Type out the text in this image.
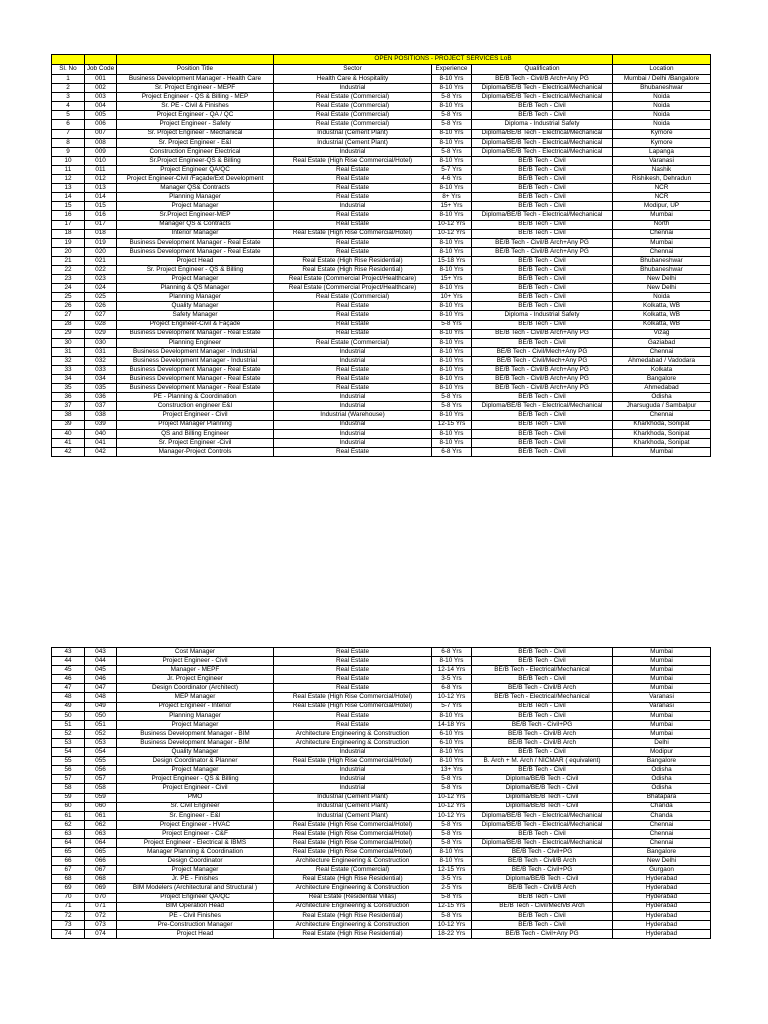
			OPEN POSITIONS - PROJECT SERVICES LoB			
Sl. No	Job Code	Position Title	Sector	Experience	Qualification	Location
1	001	Business Development Manager - Health Care	Health Care & Hospitality	8-10 Yrs	BE/B Tech - Civil/B Arch+Any PG	Mumbai / Delhi /Bangalore
2	002	Sr. Project Engineer - MEPF	Industrial	8-10 Yrs	Diploma/BE/B Tech - Electrical/Mechanical	Bhubaneshwar
3	003	Project Engineer - QS & Billing - MEP	Real Estate (Commercial)	5-8 Yrs	Diploma/BE/B Tech - Electrical/Mechanical	Noida
4	004	Sr. PE - Civil & Finishes	Real Estate (Commercial)	8-10 Yrs	BE/B Tech - Civil	Noida
5	005	Project Engineer - QA / QC	Real Estate (Commercial)	5-8 Yrs	BE/B Tech - Civil	Noida
6	006	Project Engineer - Safety	Real Estate (Commercial)	5-8 Yrs	Diploma - Industrial Safety	Noida
7	007	Sr. Project Engineer - Mechanical	Industrial (Cement Plant)	8-10 Yrs	Diploma/BE/B Tech - Electrical/Mechanical	Kymore
8	008	Sr. Project Engineer - E&I	Industrial (Cement Plant)	8-10 Yrs	Diploma/BE/B Tech - Electrical/Mechanical	Kymore
9	009	Construction Engineer Electrical	Industrial	5-8 Yrs	Diploma/BE/B Tech - Electrical/Mechanical	Lapanga
10	010	Sr.Project Engineer-QS & Billing	Real Estate (High Rise Commercial/Hotel)	8-10 Yrs	BE/B Tech - Civil	Varanasi
11	011	Project Engineer QA/QC	Real Estate	5-7 Yrs	BE/B Tech - Civil	Nashik
12	012	Project Engineer-Civil /Façade/Ext Development	Real Estate	4-6 Yrs	BE/B Tech - Civil	Rishikesh, Dehradun
13	013	Manager QS& Contracts	Real Estate	8-10 Yrs	BE/B Tech - Civil	NCR
14	014	Planning Manager	Real Estate	8+ Yrs	BE/B Tech - Civil	NCR
15	015	Project Manager	Industrial	15+ Yrs	BE/B Tech - Civil	Modipur, UP
16	016	Sr.Project Engineer-MEP	Real Estate	8-10 Yrs	Diploma/BE/B Tech - Electrical/Mechanical	Mumbai
17	017	Manager QS & Contracts	Real Estate	10-12 Yrs	BE/B Tech - Civil	North
18	018	Interior Manager	Real Estate (High Rise Commercial/Hotel)	10-12 Yrs	BE/B Tech - Civil	Chennai
19	019	Business Development Manager - Real Estate	Real Estate	8-10 Yrs	BE/B Tech - Civil/B Arch+Any PG	Mumbai
20	020	Business Development Manager - Real Estate	Real Estate	8-10 Yrs	BE/B Tech - Civil/B Arch+Any PG	Chennai
21	021	Project Head	Real Estate (High Rise Residential)	15-18 Yrs	BE/B Tech - Civil	Bhubaneshwar
22	022	Sr. Project Engineer - QS & Billing	Real Estate (High Rise Residential)	8-10 Yrs	BE/B Tech - Civil	Bhubaneshwar
23	023	Project Manager	Real Estate (Commercial Project/Healthcare)	15+ Yrs	BE/B Tech - Civil	New Delhi
24	024	Planning & QS Manager	Real Estate (Commercial Project/Healthcare)	8-10 Yrs	BE/B Tech - Civil	New Delhi
25	025	Planning Manager	Real Estate (Commercial)	10+ Yrs	BE/B Tech - Civil	Noida
26	026	Quality Manager	Real Estate	8-10 Yrs	BE/B Tech - Civil	Kolkatta, WB
27	027	Safety Manager	Real Estate	8-10 Yrs	Diploma - Industrial Safety	Kolkatta, WB
28	028	Project Engineer-Civil & Façade	Real Estate	5-8 Yrs	BE/B Tech - Civil	Kolkatta, WB
29	029	Business Development Manager - Real Estate	Real Estate	8-10 Yrs	BE/B Tech - Civil/B Arch+Any PG	Vizag
30	030	Planning Engineer	Real Estate (Commercial)	8-10 Yrs	BE/B Tech - Civil	Gaziabad
31	031	Business Development Manager - Industrial	Industrial	8-10 Yrs	BE/B Tech - Civil/Mech+Any PG	Chennai
32	032	Business Development Manager - Industrial	Industrial	8-10 Yrs	BE/B Tech - Civil/Mech+Any PG	Ahmedabad / Vadodara
33	033	Business Development Manager - Real Estate	Real Estate	8-10 Yrs	BE/B Tech - Civil/B Arch+Any PG	Kolkata
34	034	Business Development Manager - Real Estate	Real Estate	8-10 Yrs	BE/B Tech - Civil/B Arch+Any PG	Bangalore
35	035	Business Development Manager - Real Estate	Real Estate	8-10 Yrs	BE/B Tech - Civil/B Arch+Any PG	Ahmedabad
36	036	PE - Planning & Coordination	Industrial	5-8 Yrs	BE/B Tech - Civil	Odisha
37	037	Construction engineer E&I	Industrial	5-8 Yrs	Diploma/BE/B Tech - Electrical/Mechanical	Jharsuguda / Sambalpur
38	038	Project Engineer - Civil	Industrial (Warehouse)	8-10 Yrs	BE/B Tech - Civil	Chennai
39	039	Project Manager Planning	Industrial	12-15 Yrs	BE/B Tech - Civil	Kharkhoda, Sonipat
40	040	QS and Billing Engineer	Industrial	8-10 Yrs	BE/B Tech - Civil	Kharkhoda, Sonipat
41	041	Sr. Project Engineer -Civil	Industrial	8-10 Yrs	BE/B Tech - Civil	Kharkhoda, Sonipat
42	042	Manager-Project Controls	Real Estate	6-8 Yrs	BE/B Tech - Civil	Mumbai
43	043	Cost Manager	Real Estate	6-8 Yrs	BE/B Tech - Civil	Mumbai
44	044	Project Engineer - Civil	Real Estate	8-10 Yrs	BE/B Tech - Civil	Mumbai
45	045	Manager - MEPF	Real Estate	12-14 Yrs	BE/B Tech - Electrical/Mechanical	Mumbai
46	046	Jr. Project Engineer	Real Estate	3-5 Yrs	BE/B Tech - Civil	Mumbai
47	047	Design Coordinator (Architect)	Real Estate	6-8 Yrs	BE/B Tech - Civil/B Arch	Mumbai
48	048	MEP Manager	Real Estate (High Rise Commercial/Hotel)	10-12 Yrs	BE/B Tech - Electrical/Mechanical	Varanasi
49	049	Project Engineer - Interior	Real Estate (High Rise Commercial/Hotel)	5-7 Yrs	BE/B Tech - Civil	Varanasi
50	050	Planning Manager	Real Estate	8-10 Yrs	BE/B Tech - Civil	Mumbai
51	051	Project Manager	Real Estate	14-18 Yrs	BE/B Tech - Civil+PG	Mumbai
52	052	Business Development Manager - BIM	Architecture Engineering & Construction	6-10 Yrs	BE/B Tech - Civil/B Arch	Mumbai
53	053	Business Development Manager - BIM	Architecture Engineering & Construction	6-10 Yrs	BE/B Tech - Civil/B Arch	Delhi
54	054	Quality Manager	Industrial	8-10 Yrs	BE/B Tech - Civil	Modipur
55	055	Design Coordinator & Planner	Real Estate (High Rise Commercial/Hotel)	8-10 Yrs	B. Arch + M. Arch / NICMAR ( equivalent)	Bangalore
56	056	Project Manager	Industrial	13+ Yrs	BE/B Tech - Civil	Odisha
57	057	Project Engineer - QS & Billing	Industrial	5-8 Yrs	Diploma/BE/B Tech - Civil	Odisha
58	058	Project Engineer - Civil	Industrial	5-8 Yrs	Diploma/BE/B Tech - Civil	Odisha
59	059	PMO	Industrial (Cement Plant)	10-12 Yrs	Diploma/BE/B Tech - Civil	Bhatapara
60	060	Sr. Civil Engineer	Industrial (Cement Plant)	10-12 Yrs	Diploma/BE/B Tech - Civil	Chanda
61	061	Sr. Engineer - E&I	Industrial (Cement Plant)	10-12 Yrs	Diploma/BE/B Tech - Electrical/Mechanical	Chanda
62	062	Project Engineer - HVAC	Real Estate (High Rise Commercial/Hotel)	5-8 Yrs	Diploma/BE/B Tech - Electrical/Mechanical	Chennai
63	063	Project Engineer - C&F	Real Estate (High Rise Commercial/Hotel)	5-8 Yrs	BE/B Tech - Civil	Chennai
64	064	Project Engineer - Electrical & IBMS	Real Estate (High Rise Commercial/Hotel)	5-8 Yrs	Diploma/BE/B Tech - Electrical/Mechanical	Chennai
65	065	Manager Planning & Coordination	Real Estate (High Rise Commercial/Hotel)	8-10 Yrs	BE/B Tech - Civil+PG	Bangalore
66	066	Design Coordinator	Architecture Engineering & Construction	8-10 Yrs	BE/B Tech - Civil/B Arch	New Delhi
67	067	Project Manager	Real Estate (Commercial)	12-15 Yrs	BE/B Tech - Civil+PG	Gurgaon
68	068	Jr. PE - Finishes	Real Estate (High Rise Residential)	3-5 Yrs	Diploma/BE/B Tech - Civil	Hyderabad
69	069	BIM Modelers (Architectural and Structural )	Architecture Engineering & Construction	2-5 Yrs	BE/B Tech - Civil/B Arch	Hyderabad
70	070	Project Engineer QA/QC	Real Estate (Residential Villas)	5-8 Yrs	BE/B Tech - Civil	Hyderabad
71	071	BIM Operation Head	Architecture Engineering & Construction	12-15 Yrs	BE/B Tech - Civil/Mech/B Arch	Hyderabad
72	072	PE - Civil Finishes	Real Estate (High Rise Residential)	5-8 Yrs	BE/B Tech - Civil	Hyderabad
73	073	Pre-Construction Manager	Architecture Engineering & Construction	10-12 Yrs	BE/B Tech - Civil	Hyderabad
74	074	Project Head	Real Estate (High Rise Residential)	18-22 Yrs	BE/B Tech - Civil+Any PG	Hyderabad
